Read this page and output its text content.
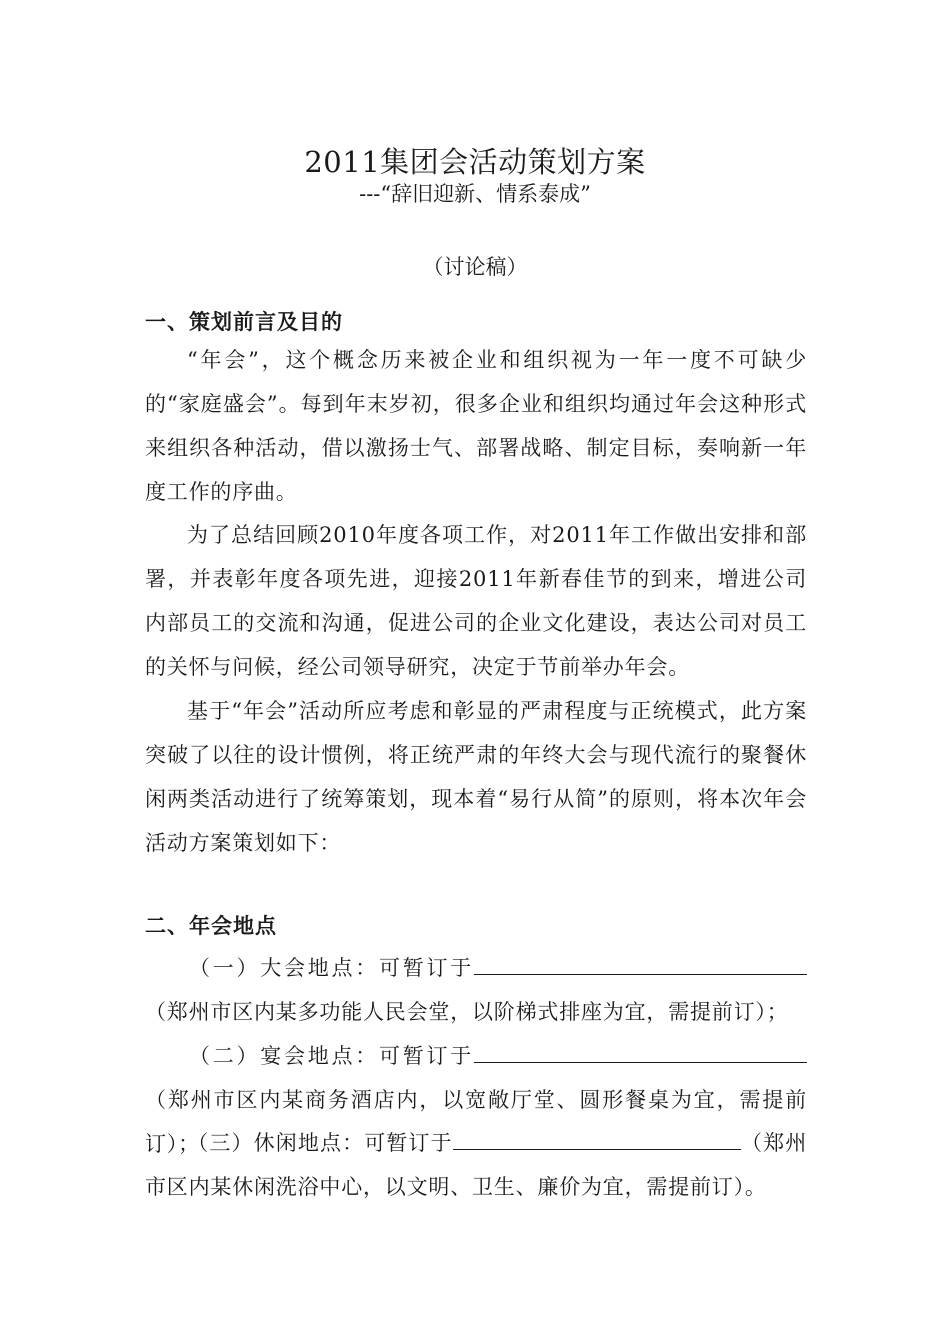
2011集团会活动策划方案
---“辞旧迎新、情系泰成”
（讨论稿）
一、策划前言及目的
“年会”，这个概念历来被企业和组织视为一年一度不可缺少的“家庭盛会”。每到年末岁初，很多企业和组织均通过年会这种形式来组织各种活动，借以激扬士气、部署战略、制定目标，奏响新一年度工作的序曲。
为了总结回顾2010年度各项工作，对2011年工作做出安排和部署，并表彰年度各项先进，迎接2011年新春佳节的到来，增进公司内部员工的交流和沟通，促进公司的企业文化建设，表达公司对员工的关怀与问候，经公司领导研究，决定于节前举办年会。
基于“年会”活动所应考虑和彰显的严肃程度与正统模式，此方案突破了以往的设计惯例，将正统严肃的年终大会与现代流行的聚餐休闲两类活动进行了统筹策划，现本着“易行从简”的原则，将本次年会活动方案策划如下：
二、年会地点
（一）大会地点：可暂订于（郑州市区内某多功能人民会堂，以阶梯式排座为宜，需提前订）；
（二）宴会地点：可暂订于（郑州市区内某商务酒店内，以宽敞厅堂、圆形餐桌为宜，需提前订）；
（三）休闲地点：可暂订于	（郑州市区内某休闲洗浴中心，以文明、卫生、廉价为宜，需提前订）。
